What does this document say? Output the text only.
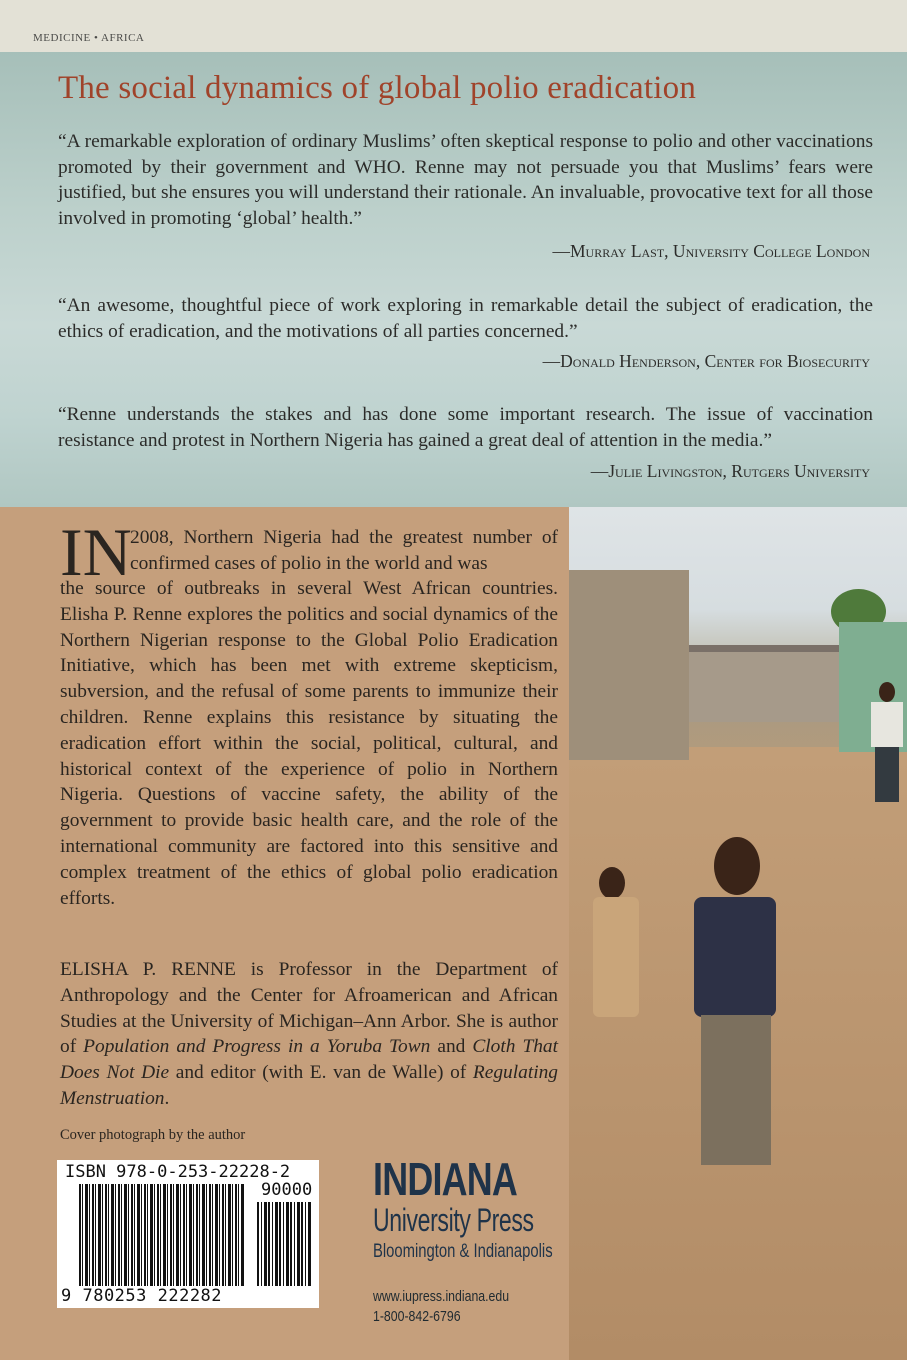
MEDICINE • AFRICA
The social dynamics of global polio eradication
“A remarkable exploration of ordinary Muslims’ often skeptical response to polio and other vaccinations promoted by their government and WHO. Renne may not persuade you that Muslims’ fears were justified, but she ensures you will understand their rationale. An invaluable, provocative text for all those involved in promoting ‘global’ health.”
—Murray Last, University College London
“An awesome, thoughtful piece of work exploring in remarkable detail the subject of eradication, the ethics of eradication, and the motivations of all parties concerned.”
—Donald Henderson, Center for Biosecurity
“Renne understands the stakes and has done some important research. The issue of vaccination resistance and protest in Northern Nigeria has gained a great deal of attention in the media.”
—Julie Livingston, Rutgers University
IN

2008, Northern Nigeria had the greatest number of confirmed cases of polio in the world and was

the source of outbreaks in several West African countries. Elisha P. Renne explores the politics and social dynamics of the Northern Nigerian response to the Global Polio Eradication Initiative, which has been met with extreme skepticism, subversion, and the refusal of some parents to immunize their children. Renne explains this resistance by situating the eradication effort within the social, political, cultural, and historical context of the experience of polio in Northern Nigeria. Questions of vaccine safety, the ability of the government to provide basic health care, and the role of the international community are factored into this sensitive and complex treatment of the ethics of global polio eradication efforts.

ELISHA P. RENNE is Professor in the Department of Anthropology and the Center for Afroamerican and African Studies at the University of Michigan–Ann Arbor. She is author of Population and Progress in a Yoruba Town and Cloth That Does Not Die and editor (with E. van de Walle) of Regulating Menstruation.

Cover photograph by the author
ISBN 978-0-253-22228-2
90000
9 780253 222282
INDIANA
University Press
Bloomington & Indianapolis
www.iupress.indiana.edu
1-800-842-6796
